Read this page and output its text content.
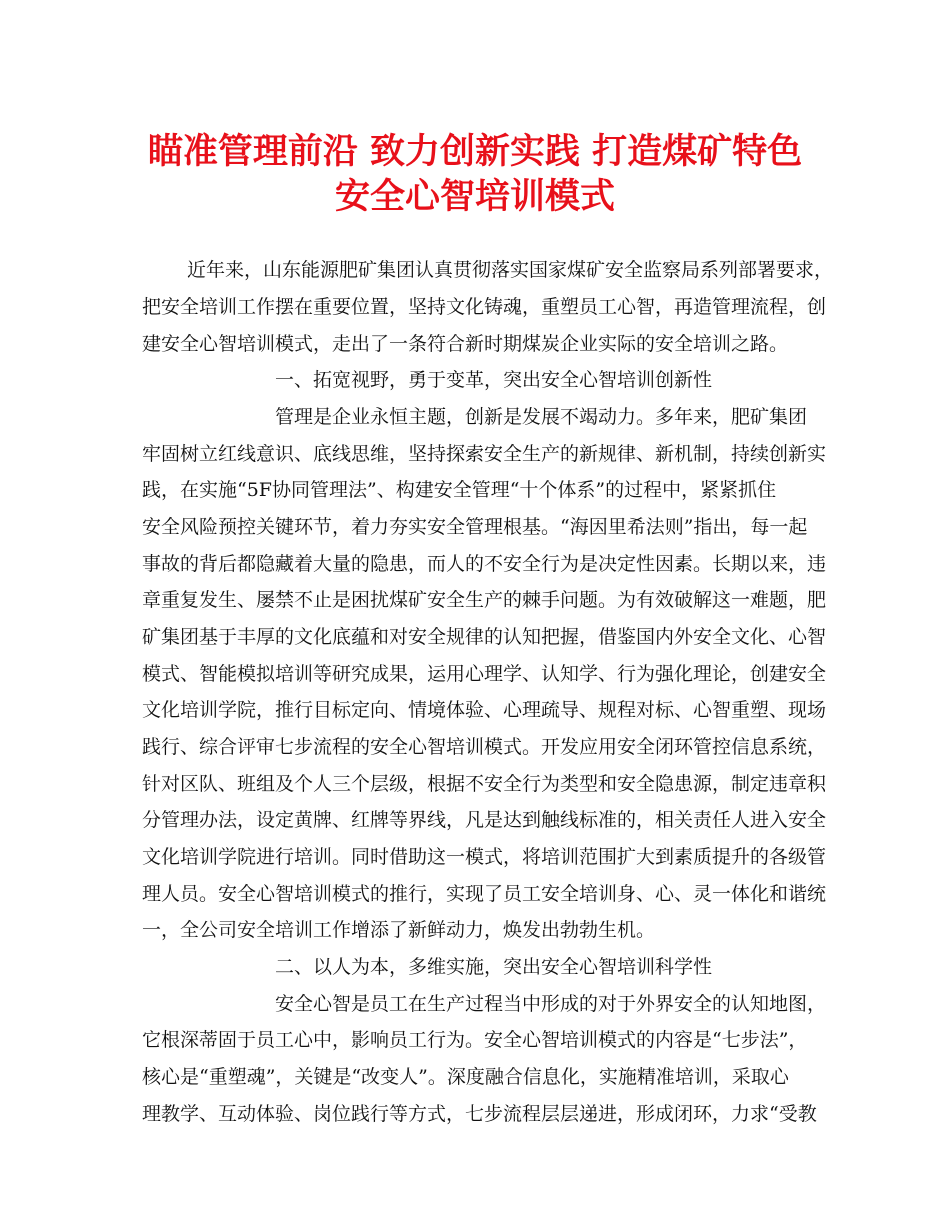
瞄准管理前沿 致力创新实践 打造煤矿特色
安全心智培训模式
近年来，山东能源肥矿集团认真贯彻落实国家煤矿安全监察局系列部署要求，
把安全培训工作摆在重要位置，坚持文化铸魂，重塑员工心智，再造管理流程，创
建安全心智培训模式，走出了一条符合新时期煤炭企业实际的安全培训之路。
一、拓宽视野，勇于变革，突出安全心智培训创新性
管理是企业永恒主题，创新是发展不竭动力。多年来，肥矿集团
牢固树立红线意识、底线思维，坚持探索安全生产的新规律、新机制，持续创新实
践，在实施“5F协同管理法”、构建安全管理“十个体系”的过程中，紧紧抓住
安全风险预控关键环节，着力夯实安全管理根基。“海因里希法则”指出，每一起
事故的背后都隐藏着大量的隐患，而人的不安全行为是决定性因素。长期以来，违
章重复发生、屡禁不止是困扰煤矿安全生产的棘手问题。为有效破解这一难题，肥
矿集团基于丰厚的文化底蕴和对安全规律的认知把握，借鉴国内外安全文化、心智
模式、智能模拟培训等研究成果，运用心理学、认知学、行为强化理论，创建安全
文化培训学院，推行目标定向、情境体验、心理疏导、规程对标、心智重塑、现场
践行、综合评审七步流程的安全心智培训模式。开发应用安全闭环管控信息系统，
针对区队、班组及个人三个层级，根据不安全行为类型和安全隐患源，制定违章积
分管理办法，设定黄牌、红牌等界线，凡是达到触线标准的，相关责任人进入安全
文化培训学院进行培训。同时借助这一模式，将培训范围扩大到素质提升的各级管
理人员。安全心智培训模式的推行，实现了员工安全培训身、心、灵一体化和谐统
一，全公司安全培训工作增添了新鲜动力，焕发出勃勃生机。
二、以人为本，多维实施，突出安全心智培训科学性
安全心智是员工在生产过程当中形成的对于外界安全的认知地图，
它根深蒂固于员工心中，影响员工行为。安全心智培训模式的内容是“七步法”，
核心是“重塑魂”，关键是“改变人”。深度融合信息化，实施精准培训，采取心
理教学、互动体验、岗位践行等方式，七步流程层层递进，形成闭环，力求“受教
